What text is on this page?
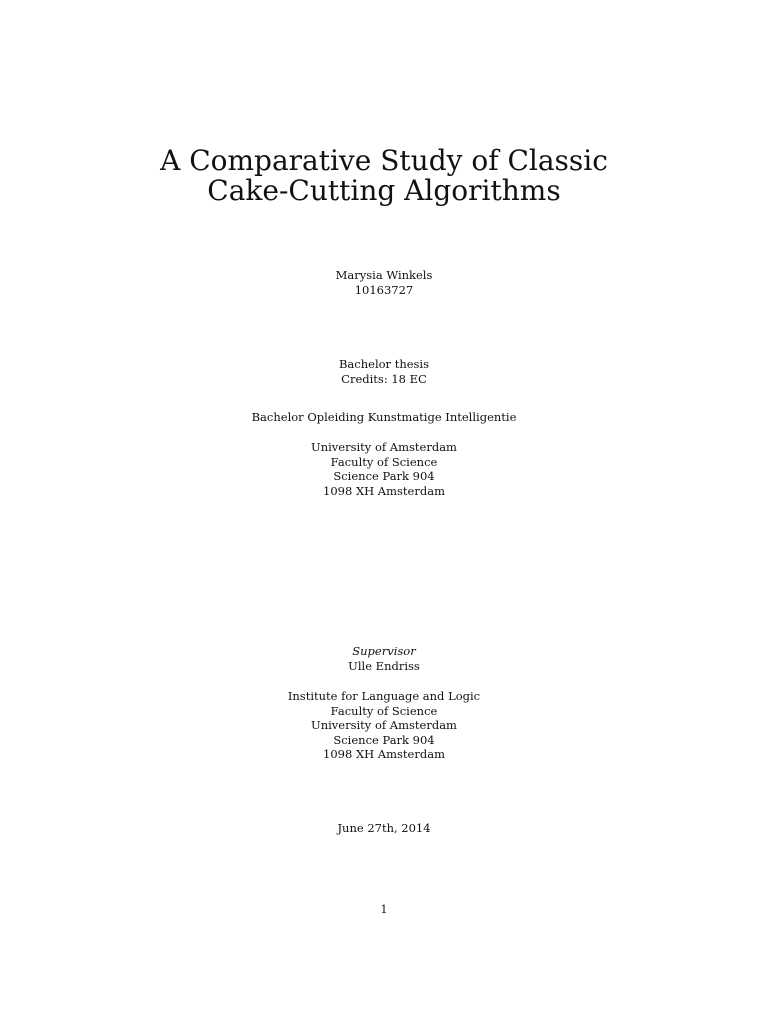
A Comparative Study of Classic
Cake-Cutting Algorithms
Marysia Winkels
10163727
Bachelor thesis
Credits: 18 EC
Bachelor Opleiding Kunstmatige Intelligentie
University of Amsterdam
Faculty of Science
Science Park 904
1098 XH Amsterdam
Supervisor
Ulle Endriss
Institute for Language and Logic
Faculty of Science
University of Amsterdam
Science Park 904
1098 XH Amsterdam
June 27th, 2014
1
